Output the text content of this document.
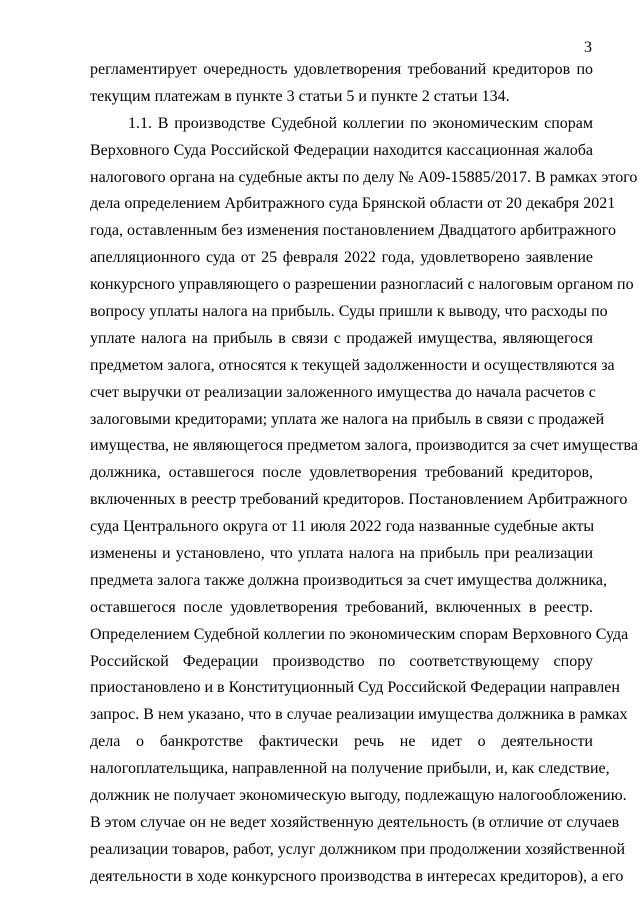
3
регламентирует очередность удовлетворения требований кредиторов по
текущим платежам в пункте 3 статьи 5 и пункте 2 статьи 134.
1.1. В производстве Судебной коллегии по экономическим спорам
Верховного Суда Российской Федерации находится кассационная жалоба
налогового органа на судебные акты по делу № А09-15885/2017. В рамках этого
дела определением Арбитражного суда Брянской области от 20 декабря 2021
года, оставленным без изменения постановлением Двадцатого арбитражного
апелляционного суда от 25 февраля 2022 года, удовлетворено заявление
конкурсного управляющего о разрешении разногласий с налоговым органом по
вопросу уплаты налога на прибыль. Суды пришли к выводу, что расходы по
уплате налога на прибыль в связи с продажей имущества, являющегося
предметом залога, относятся к текущей задолженности и осуществляются за
счет выручки от реализации заложенного имущества до начала расчетов с
залоговыми кредиторами; уплата же налога на прибыль в связи с продажей
имущества, не являющегося предметом залога, производится за счет имущества
должника, оставшегося после удовлетворения требований кредиторов,
включенных в реестр требований кредиторов. Постановлением Арбитражного
суда Центрального округа от 11 июля 2022 года названные судебные акты
изменены и установлено, что уплата налога на прибыль при реализации
предмета залога также должна производиться за счет имущества должника,
оставшегося после удовлетворения требований, включенных в реестр.
Определением Судебной коллегии по экономическим спорам Верховного Суда
Российской Федерации производство по соответствующему спору
приостановлено и в Конституционный Суд Российской Федерации направлен
запрос. В нем указано, что в случае реализации имущества должника в рамках
дела о банкротстве фактически речь не идет о деятельности
налогоплательщика, направленной на получение прибыли, и, как следствие,
должник не получает экономическую выгоду, подлежащую налогообложению.
В этом случае он не ведет хозяйственную деятельность (в отличие от случаев
реализации товаров, работ, услуг должником при продолжении хозяйственной
деятельности в ходе конкурсного производства в интересах кредиторов), а его
